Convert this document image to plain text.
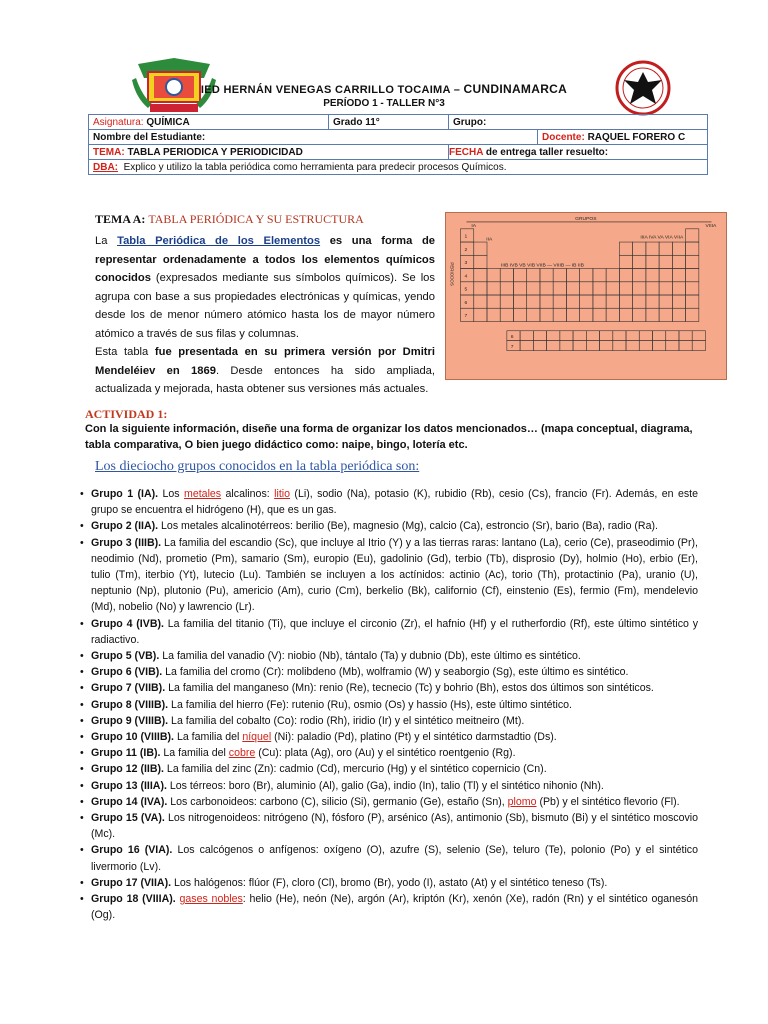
IED HERNÁN VENEGAS CARRILLO TOCAIMA – CUNDINAMARCA
PERÍODO 1 - TALLER N°3
Asignatura: QUÍMICA	Grado 11°	Grupo:	
Nombre del Estudiante:			Docente: RAQUEL FORERO C
TEMA: TABLA PERIODICA Y PERIODICIDAD		FECHA de entrega taller resuelto:	
DBA: Explico y utilizo la tabla periódica como herramienta para predecir procesos Químicos.			
TEMA A: TABLA PERIÓDICA Y SU ESTRUCTURA

La Tabla Periódica de los Elementos es una forma de representar ordenadamente a todos los elementos químicos conocidos (expresados mediante sus símbolos químicos). Se los agrupa con base a sus propiedades electrónicas y químicas, yendo desde los de menor número atómico hasta los de mayor número atómico a través de sus filas y columnas.

Esta tabla fue presentada en su primera versión por Dmitri Mendeléiev en 1869. Desde entonces ha sido ampliada, actualizada y mejorada, hasta obtener sus versiones más actuales.

GRUPOS
IA
IIA
VIIIA
IIIA IVA VA VIA VIIA
IIIB IVB VB VIB VIIB — VIIIB — IB IIB
PERIODOS
1
2
3
4
5
6
7
6
7
ACTIVIDAD 1:
Con la siguiente información, diseñe una forma de organizar los datos mencionados… (mapa conceptual, diagrama, tabla comparativa, O bien juego didáctico como: naipe, bingo, lotería etc.
Los dieciocho grupos conocidos en la tabla periódica son:
• Grupo 1 (IA). Los metales alcalinos: litio (Li), sodio (Na), potasio (K), rubidio (Rb), cesio (Cs), francio (Fr). Además, en este grupo se encuentra el hidrógeno (H), que es un gas.
• Grupo 2 (IIA). Los metales alcalinotérreos: berilio (Be), magnesio (Mg), calcio (Ca), estroncio (Sr), bario (Ba), radio (Ra).
• Grupo 3 (IIIB). La familia del escandio (Sc), que incluye al Itrio (Y) y a las tierras raras: lantano (La), cerio (Ce), praseodimio (Pr), neodimio (Nd), prometio (Pm), samario (Sm), europio (Eu), gadolinio (Gd), terbio (Tb), disprosio (Dy), holmio (Ho), erbio (Er), tulio (Tm), iterbio (Yt), lutecio (Lu). También se incluyen a los actínidos: actinio (Ac), torio (Th), protactinio (Pa), uranio (U), neptunio (Np), plutonio (Pu), americio (Am), curio (Cm), berkelio (Bk), californio (Cf), einstenio (Es), fermio (Fm), mendelevio (Md), nobelio (No) y lawrencio (Lr).
• Grupo 4 (IVB). La familia del titanio (Ti), que incluye el circonio (Zr), el hafnio (Hf) y el rutherfordio (Rf), este último sintético y radiactivo.
• Grupo 5 (VB). La familia del vanadio (V): niobio (Nb), tántalo (Ta) y dubnio (Db), este último es sintético.
• Grupo 6 (VIB). La familia del cromo (Cr): molibdeno (Mb), wolframio (W) y seaborgio (Sg), este último es sintético.
• Grupo 7 (VIIB). La familia del manganeso (Mn): renio (Re), tecnecio (Tc) y bohrio (Bh), estos dos últimos son sintéticos.
• Grupo 8 (VIIIB). La familia del hierro (Fe): rutenio (Ru), osmio (Os) y hassio (Hs), este último sintético.
• Grupo 9 (VIIIB). La familia del cobalto (Co): rodio (Rh), iridio (Ir) y el sintético meitneiro (Mt).
• Grupo 10 (VIIIB). La familia del níquel (Ni): paladio (Pd), platino (Pt) y el sintético darmstadtio (Ds).
• Grupo 11 (IB). La familia del cobre (Cu): plata (Ag), oro (Au) y el sintético roentgenio (Rg).
• Grupo 12 (IIB). La familia del zinc (Zn): cadmio (Cd), mercurio (Hg) y el sintético copernicio (Cn).
• Grupo 13 (IIIA). Los térreos: boro (Br), aluminio (Al), galio (Ga), indio (In), talio (Tl) y el sintético nihonio (Nh).
• Grupo 14 (IVA). Los carbonoideos: carbono (C), silicio (Si), germanio (Ge), estaño (Sn), plomo (Pb) y el sintético flevorio (Fl).
• Grupo 15 (VA). Los nitrogenoideos: nitrógeno (N), fósforo (P), arsénico (As), antimonio (Sb), bismuto (Bi) y el sintético moscovio (Mc).
• Grupo 16 (VIA). Los calcógenos o anfígenos: oxígeno (O), azufre (S), selenio (Se), teluro (Te), polonio (Po) y el sintético livermorio (Lv).
• Grupo 17 (VIIA). Los halógenos: flúor (F), cloro (Cl), bromo (Br), yodo (I), astato (At) y el sintético teneso (Ts).
• Grupo 18 (VIIIA). gases nobles: helio (He), neón (Ne), argón (Ar), kriptón (Kr), xenón (Xe), radón (Rn) y el sintético oganesón (Og).
